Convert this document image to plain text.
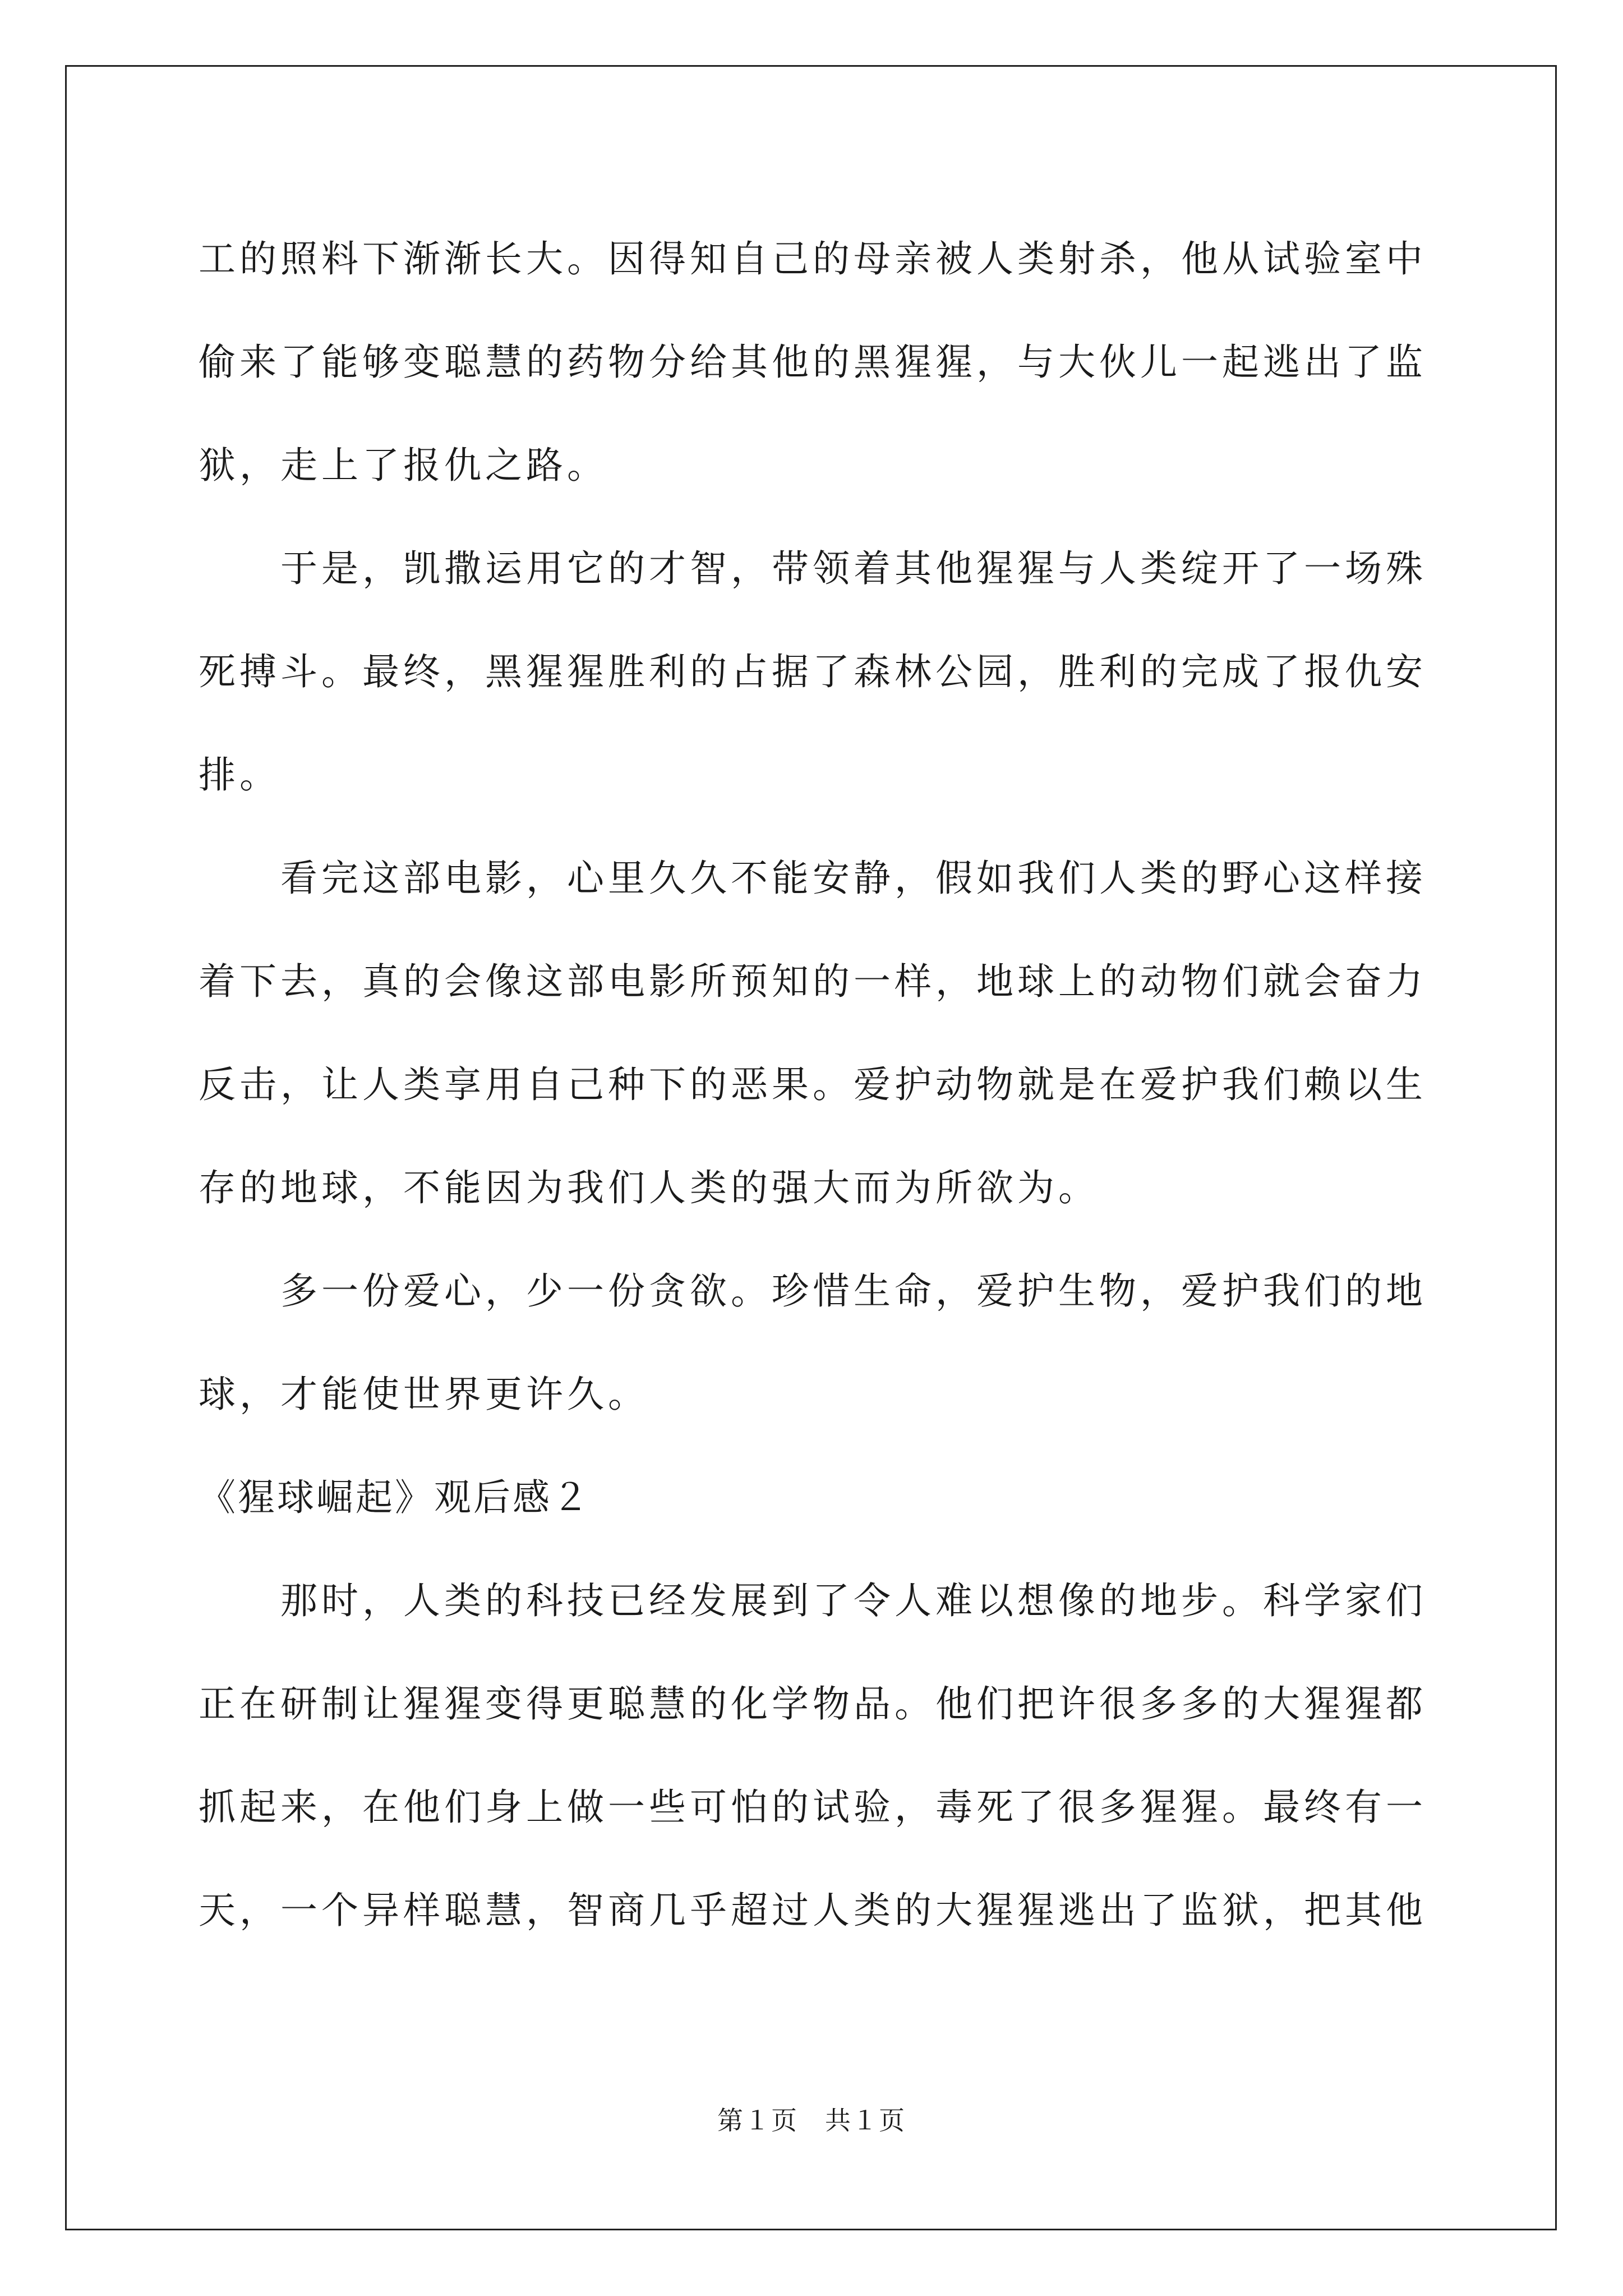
工的照料下渐渐长大。因得知自己的母亲被人类射杀，他从试验室中
偷来了能够变聪慧的药物分给其他的黑猩猩，与大伙儿一起逃出了监
狱，走上了报仇之路。
于是，凯撒运用它的才智，带领着其他猩猩与人类绽开了一场殊
死搏斗。最终，黑猩猩胜利的占据了森林公园，胜利的完成了报仇安
排。
看完这部电影，心里久久不能安静，假如我们人类的野心这样接
着下去，真的会像这部电影所预知的一样，地球上的动物们就会奋力
反击，让人类享用自己种下的恶果。爱护动物就是在爱护我们赖以生
存的地球，不能因为我们人类的强大而为所欲为。
多一份爱心，少一份贪欲。珍惜生命，爱护生物，爱护我们的地
球，才能使世界更许久。
《猩球崛起》观后感２
那时，人类的科技已经发展到了令人难以想像的地步。科学家们
正在研制让猩猩变得更聪慧的化学物品。他们把许很多多的大猩猩都
抓起来，在他们身上做一些可怕的试验，毒死了很多猩猩。最终有一
天，一个异样聪慧，智商几乎超过人类的大猩猩逃出了监狱，把其他
第１页 共１页
